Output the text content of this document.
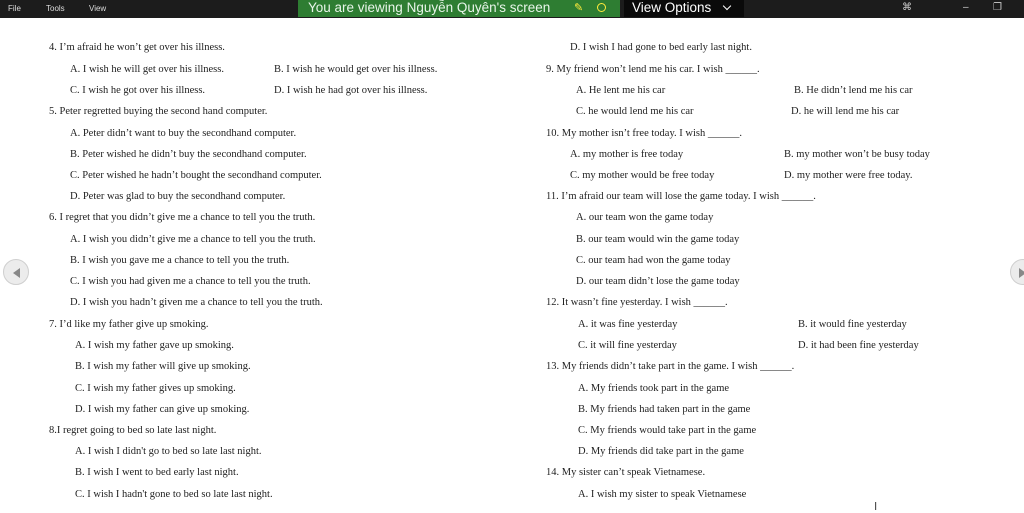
File	Tools	View	You are viewing Nguyễn Quyên's screen ✎	View Options	⌘	– ❐
4. I’m afraid he won’t get over his illness.
A. I wish he will get over his illness.	B. I wish he would get over his illness.
C. I wish he got over his illness.	D. I wish he had got over his illness.
5. Peter regretted buying the second hand computer.
A. Peter didn’t want to buy the secondhand computer.
B. Peter wished he didn’t buy the secondhand computer.
C. Peter wished he hadn’t bought the secondhand computer.
D. Peter was glad to buy the secondhand computer.
6. I regret that you didn’t give me a chance to tell you the truth.
A. I wish you didn’t give me a chance to tell you the truth.
B. I wish you gave me a chance to tell you the truth.
C. I wish you had given me a chance to tell you the truth.
D. I wish you hadn’t given me a chance to tell you the truth.
7. I’d like my father give up smoking.
A. I wish my father gave up smoking.
B. I wish my father will give up smoking.
C. I wish my father gives up smoking.
D. I wish my father can give up smoking.
8.I regret going to bed so late last night.
A. I wish I didn't go to bed so late last night.
B. I wish I went to bed early last night.
C. I wish I hadn't gone to bed so late last night.
D. I wish I had gone to bed early last night.
9. My friend won’t lend me his car. I wish ______.
A. He lent me his car	B. He didn’t lend me his car
C. he would lend me his car	D. he will lend me his car
10. My mother isn’t free today. I wish ______.
A. my mother is free today	B. my mother won’t be busy today
C. my mother would be free today	D. my mother were free today.
11. I’m afraid our team will lose the game today. I wish ______.
A. our team won the game today
B. our team would win the game today
C. our team had won the game today
D. our team didn’t lose the game today
12. It wasn’t fine yesterday. I wish ______.
A. it was fine yesterday	B. it would fine yesterday
C. it will fine yesterday	D. it had been fine yesterday
13. My friends didn’t take part in the game. I wish ______.
A. My friends took part in the game
B. My friends had taken part in the game
C. My friends would take part in the game
D. My friends did take part in the game
14. My sister can’t speak Vietnamese.
A. I wish my sister to speak Vietnamese
I
